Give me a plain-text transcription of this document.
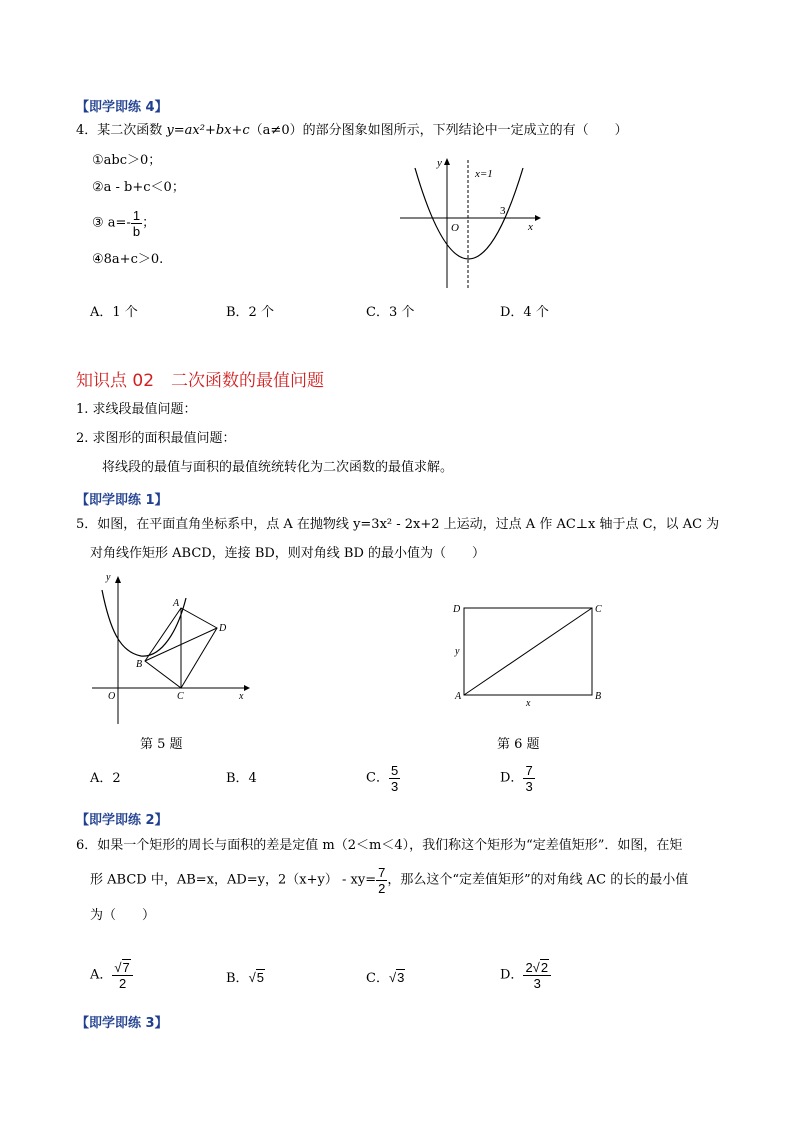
【即学即练 4】
4．某二次函数 y=ax²+bx+c（a≠0）的部分图象如图所示，下列结论中一定成立的有（　　）
①abc＞0；
②a - b+c＜0；
③ $a=- \frac{1}{b}$ ；
④8a+c＞0.
y
x=1
3
x
O
A．1 个	B．2 个	C．3 个	D．4 个
知识点 02　二次函数的最值问题
1. 求线段最值问题：
2. 求图形的面积最值问题：
将线段的最值与面积的最值统统转化为二次函数的最值求解。
【即学即练 1】
5．如图，在平面直角坐标系中，点 A 在抛物线 y=3x² - 2x+2 上运动，过点 A 作 AC⊥x 轴于点 C，以 AC 为
对角线作矩形 ABCD，连接 BD，则对角线 BD 的最小值为（　　）
y
x
O
A
B
C
D
D	C
A	B
x
y
第 5 题	第 6 题
A．2	B．4	C． $\frac{5}{3}$	D． $\frac{7}{3}$
【即学即练 2】
6．如果一个矩形的周长与面积的差是定值 m（2＜m＜4），我们称这个矩形为“定差值矩形”．如图，在矩
形 ABCD 中，AB=x，AD=y，$2(x+y) - xy= \frac{7}{2}$ ，那么这个“定差值矩形”的对角线 AC 的长的最小值
为（　　）
A． $\frac{√7}{2}$	B．√5	C．√3	D． $\frac{2√2}{3}$
【即学即练 3】
